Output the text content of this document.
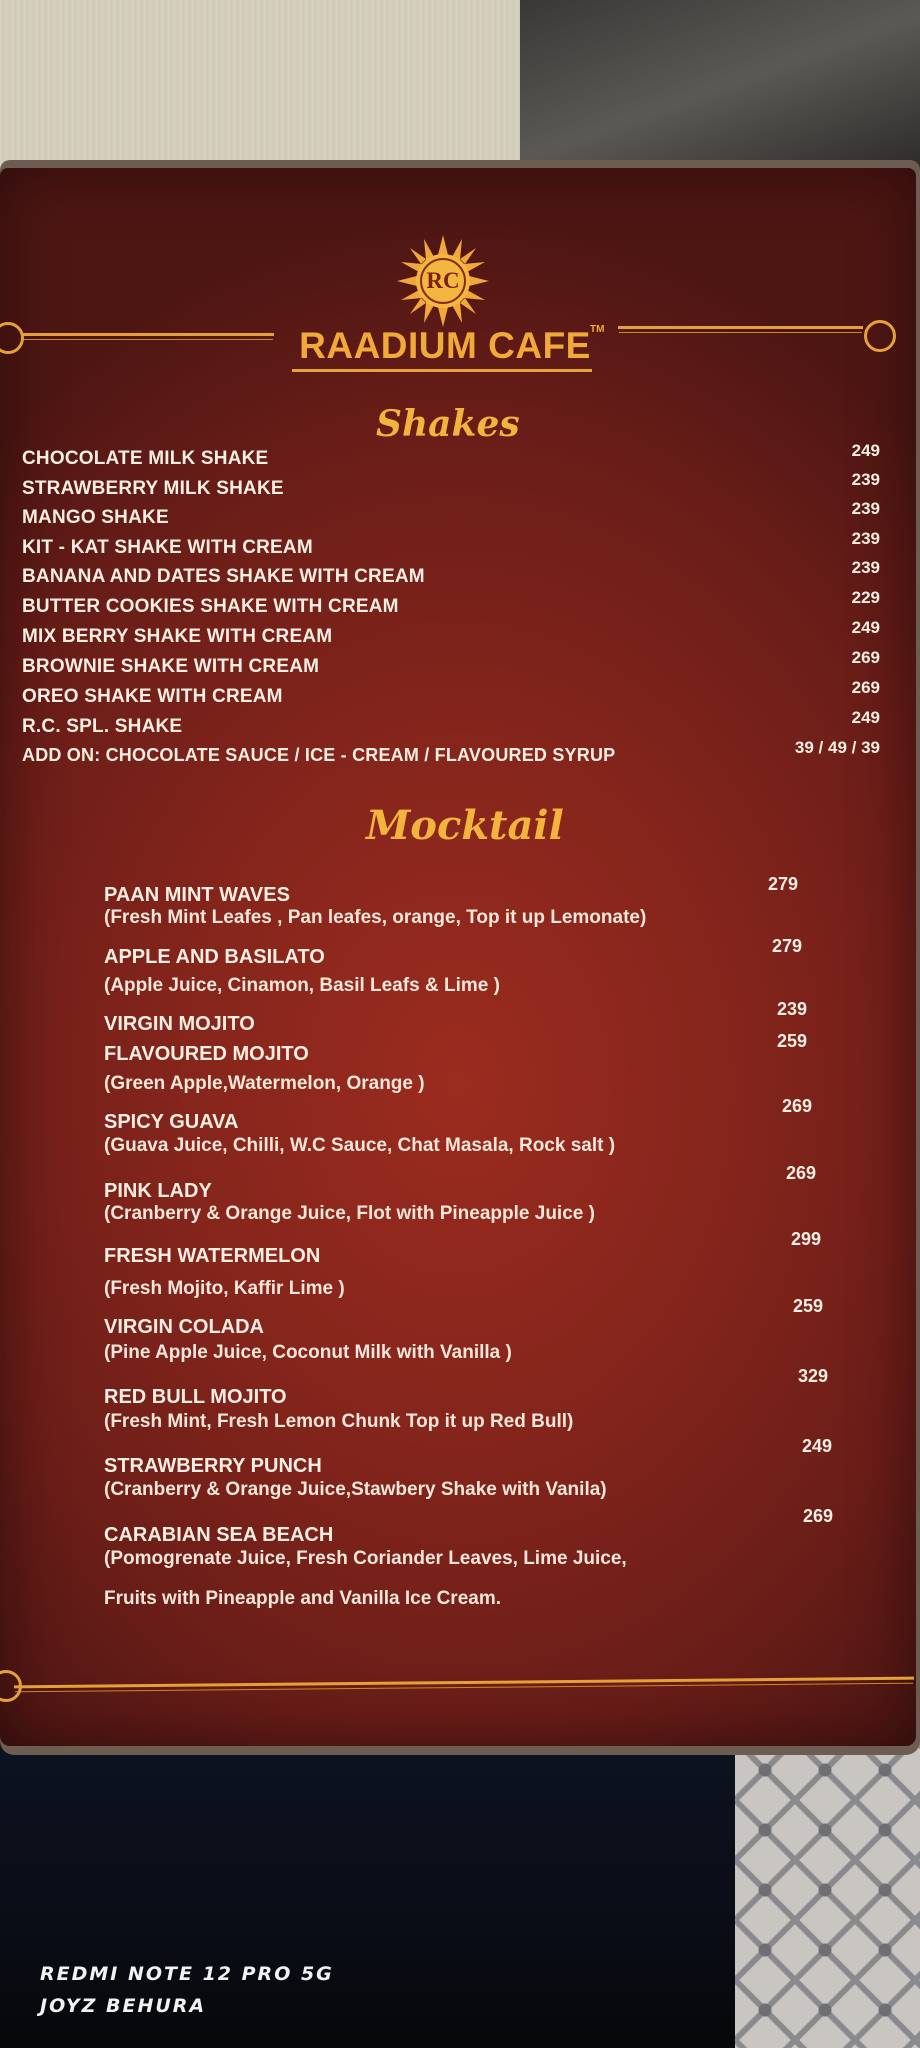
RC
RAADIUM CAFE TM
Shakes
CHOCOLATE MILK SHAKE	249
STRAWBERRY MILK SHAKE	239
MANGO SHAKE	239
KIT - KAT SHAKE WITH CREAM	239
BANANA AND DATES SHAKE WITH CREAM	239
BUTTER COOKIES SHAKE WITH CREAM	229
MIX BERRY SHAKE WITH CREAM	249
BROWNIE SHAKE WITH CREAM	269
OREO SHAKE WITH CREAM	269
R.C. SPL. SHAKE	249
ADD ON: CHOCOLATE SAUCE / ICE - CREAM / FLAVOURED SYRUP	39 / 49 / 39
Mocktail
PAAN MINT WAVES
(Fresh Mint Leafes , Pan leafes, orange, Top it up Lemonate)
279
APPLE AND BASILATO
(Apple Juice, Cinamon, Basil Leafs & Lime )
279
VIRGIN MOJITO
239
FLAVOURED MOJITO
(Green Apple,Watermelon, Orange )
259
SPICY GUAVA
(Guava Juice, Chilli, W.C Sauce, Chat Masala, Rock salt )
269
PINK LADY
(Cranberry & Orange Juice, Flot with Pineapple Juice )
269
FRESH WATERMELON
(Fresh Mojito, Kaffir Lime )
299
VIRGIN COLADA
(Pine Apple Juice, Coconut Milk with Vanilla )
259
RED BULL MOJITO
(Fresh Mint, Fresh Lemon Chunk Top it up Red Bull)
329
STRAWBERRY PUNCH
(Cranberry & Orange Juice,Stawbery Shake with Vanila)
249
CARABIAN SEA BEACH
(Pomogrenate Juice, Fresh Coriander Leaves, Lime Juice,
Fruits with Pineapple and Vanilla Ice Cream.
269
REDMI NOTE 12 PRO 5G
JOYZ BEHURA
